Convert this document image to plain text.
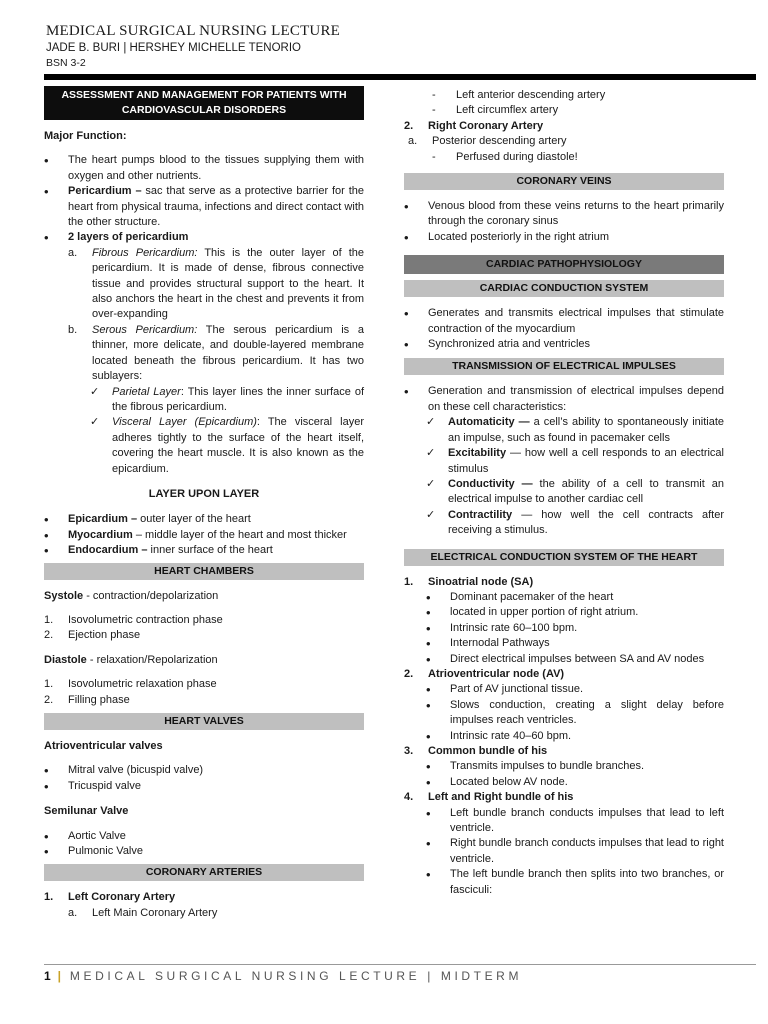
MEDICAL SURGICAL NURSING LECTURE
JADE B. BURI | HERSHEY MICHELLE TENORIO
BSN 3-2
ASSESSMENT AND MANAGEMENT FOR PATIENTS WITH CARDIOVASCULAR DISORDERS
Major Function:
• The heart pumps blood to the tissues supplying them with oxygen and other nutrients.
• Pericardium – sac that serve as a protective barrier for the heart from physical trauma, infections and direct contact with the other structure.
• 2 layers of pericardium
a. Fibrous Pericardium: This is the outer layer of the pericardium. It is made of dense, fibrous connective tissue and provides structural support to the heart. It also anchors the heart in the chest and prevents it from over-expanding
b. Serous Pericardium: The serous pericardium is a thinner, more delicate, and double-layered membrane located beneath the fibrous pericardium. It has two sublayers:
✓ Parietal Layer: This layer lines the inner surface of the fibrous pericardium.
✓ Visceral Layer (Epicardium): The visceral layer adheres tightly to the surface of the heart itself, covering the heart muscle. It is also known as the epicardium.
LAYER UPON LAYER
• Epicardium – outer layer of the heart
• Myocardium – middle layer of the heart and most thicker
• Endocardium – inner surface of the heart
HEART CHAMBERS
Systole - contraction/depolarization
1. Isovolumetric contraction phase
2. Ejection phase
Diastole - relaxation/Repolarization
1. Isovolumetric relaxation phase
2. Filling phase
HEART VALVES
Atrioventricular valves
• Mitral valve (bicuspid valve)
• Tricuspid valve
Semilunar Valve
• Aortic Valve
• Pulmonic Valve
CORONARY ARTERIES
1. Left Coronary Artery
a. Left Main Coronary Artery
- Left anterior descending artery
- Left circumflex artery
2. Right Coronary Artery
a. Posterior descending artery
- Perfused during diastole!
CORONARY VEINS
• Venous blood from these veins returns to the heart primarily through the coronary sinus
• Located posteriorly in the right atrium
CARDIAC PATHOPHYSIOLOGY
CARDIAC CONDUCTION SYSTEM
• Generates and transmits electrical impulses that stimulate contraction of the myocardium
• Synchronized atria and ventricles
TRANSMISSION OF ELECTRICAL IMPULSES
• Generation and transmission of electrical impulses depend on these cell characteristics:
✓ Automaticity — a cell’s ability to spontaneously initiate an impulse, such as found in pacemaker cells
✓ Excitability — how well a cell responds to an electrical stimulus
✓ Conductivity — the ability of a cell to transmit an electrical impulse to another cardiac cell
✓ Contractility — how well the cell contracts after receiving a stimulus.
ELECTRICAL CONDUCTION SYSTEM OF THE HEART
1. Sinoatrial node (SA)
• Dominant pacemaker of the heart
• located in upper portion of right atrium.
• Intrinsic rate 60–100 bpm.
• Internodal Pathways
• Direct electrical impulses between SA and AV nodes
2. Atrioventricular node (AV)
• Part of AV junctional tissue.
• Slows conduction, creating a slight delay before impulses reach ventricles.
• Intrinsic rate 40–60 bpm.
3. Common bundle of his
• Transmits impulses to bundle branches.
• Located below AV node.
4. Left and Right bundle of his
• Left bundle branch conducts impulses that lead to left ventricle.
• Right bundle branch conducts impulses that lead to right ventricle.
• The left bundle branch then splits into two branches, or fasciculi:
1 | MEDICAL SURGICAL NURSING LECTURE | MIDTERM
